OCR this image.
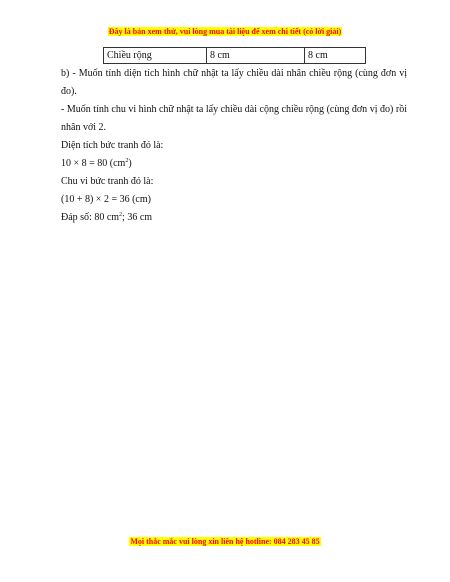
Đây là bản xem thử, vui lòng mua tài liệu để xem chi tiết (có lời giải)
Chiều rộng	8 cm	8 cm

b) - Muốn tính diện tích hình chữ nhật ta lấy chiều dài nhân chiều rộng (cùng đơn vị đo).

- Muốn tính chu vi hình chữ nhật ta lấy chiều dài cộng chiều rộng (cùng đơn vị đo) rồi nhân với 2.

Diện tích bức tranh đó là:

10 × 8 = 80 $(cm^2)$

Chu vi bức tranh đó là:

(10 + 8) × 2 = 36 (cm)

Đáp số: 80 $cm^2$; 36 cm

Mọi thắc mắc vui lòng xin liên hệ hotline: 084 283 45 85
